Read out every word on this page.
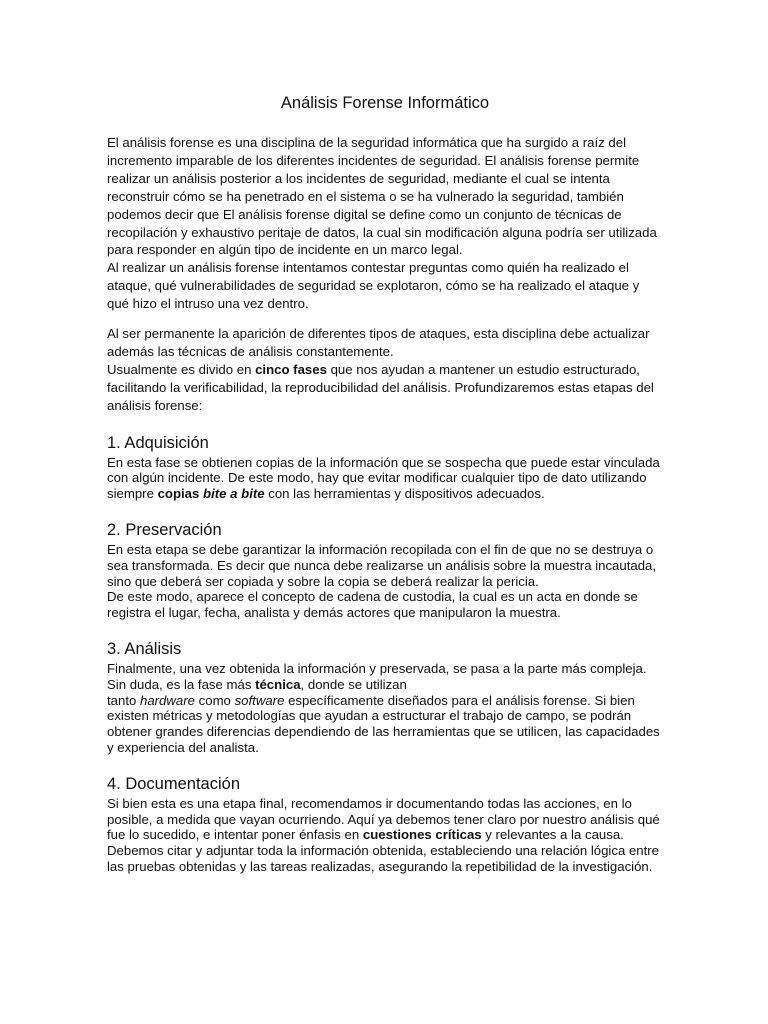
Análisis Forense Informático

El análisis forense es una disciplina de la seguridad informática que ha surgido a raíz del incremento imparable de los diferentes incidentes de seguridad. El análisis forense permite realizar un análisis posterior a los incidentes de seguridad, mediante el cual se intenta reconstruir cómo se ha penetrado en el sistema o se ha vulnerado la seguridad, también podemos decir que El análisis forense digital se define como un conjunto de técnicas de recopilación y exhaustivo peritaje de datos, la cual sin modificación alguna podría ser utilizada para responder en algún tipo de incidente en un marco legal.

Al realizar un análisis forense intentamos contestar preguntas como quién ha realizado el ataque, qué vulnerabilidades de seguridad se explotaron, cómo se ha realizado el ataque y qué hizo el intruso una vez dentro.

Al ser permanente la aparición de diferentes tipos de ataques, esta disciplina debe actualizar además las técnicas de análisis constantemente.

Usualmente es divido en cinco fases que nos ayudan a mantener un estudio estructurado, facilitando la verificabilidad, la reproducibilidad del análisis. Profundizaremos estas etapas del análisis forense:

1. Adquisición

En esta fase se obtienen copias de la información que se sospecha que puede estar vinculada con algún incidente. De este modo, hay que evitar modificar cualquier tipo de dato utilizando siempre copias bite a bite con las herramientas y dispositivos adecuados.

2. Preservación

En esta etapa se debe garantizar la información recopilada con el fin de que no se destruya o sea transformada. Es decir que nunca debe realizarse un análisis sobre la muestra incautada, sino que deberá ser copiada y sobre la copia se deberá realizar la pericia.

De este modo, aparece el concepto de cadena de custodia, la cual es un acta en donde se registra el lugar, fecha, analista y demás actores que manipularon la muestra.

3. Análisis

Finalmente, una vez obtenida la información y preservada, se pasa a la parte más compleja. Sin duda, es la fase más técnica, donde se utilizan

tanto hardware como software específicamente diseñados para el análisis forense. Si bien existen métricas y metodologías que ayudan a estructurar el trabajo de campo, se podrán obtener grandes diferencias dependiendo de las herramientas que se utilicen, las capacidades y experiencia del analista.

4. Documentación

Si bien esta es una etapa final, recomendamos ir documentando todas las acciones, en lo posible, a medida que vayan ocurriendo. Aquí ya debemos tener claro por nuestro análisis qué fue lo sucedido, e intentar poner énfasis en cuestiones críticas y relevantes a la causa. Debemos citar y adjuntar toda la información obtenida, estableciendo una relación lógica entre las pruebas obtenidas y las tareas realizadas, asegurando la repetibilidad de la investigación.
